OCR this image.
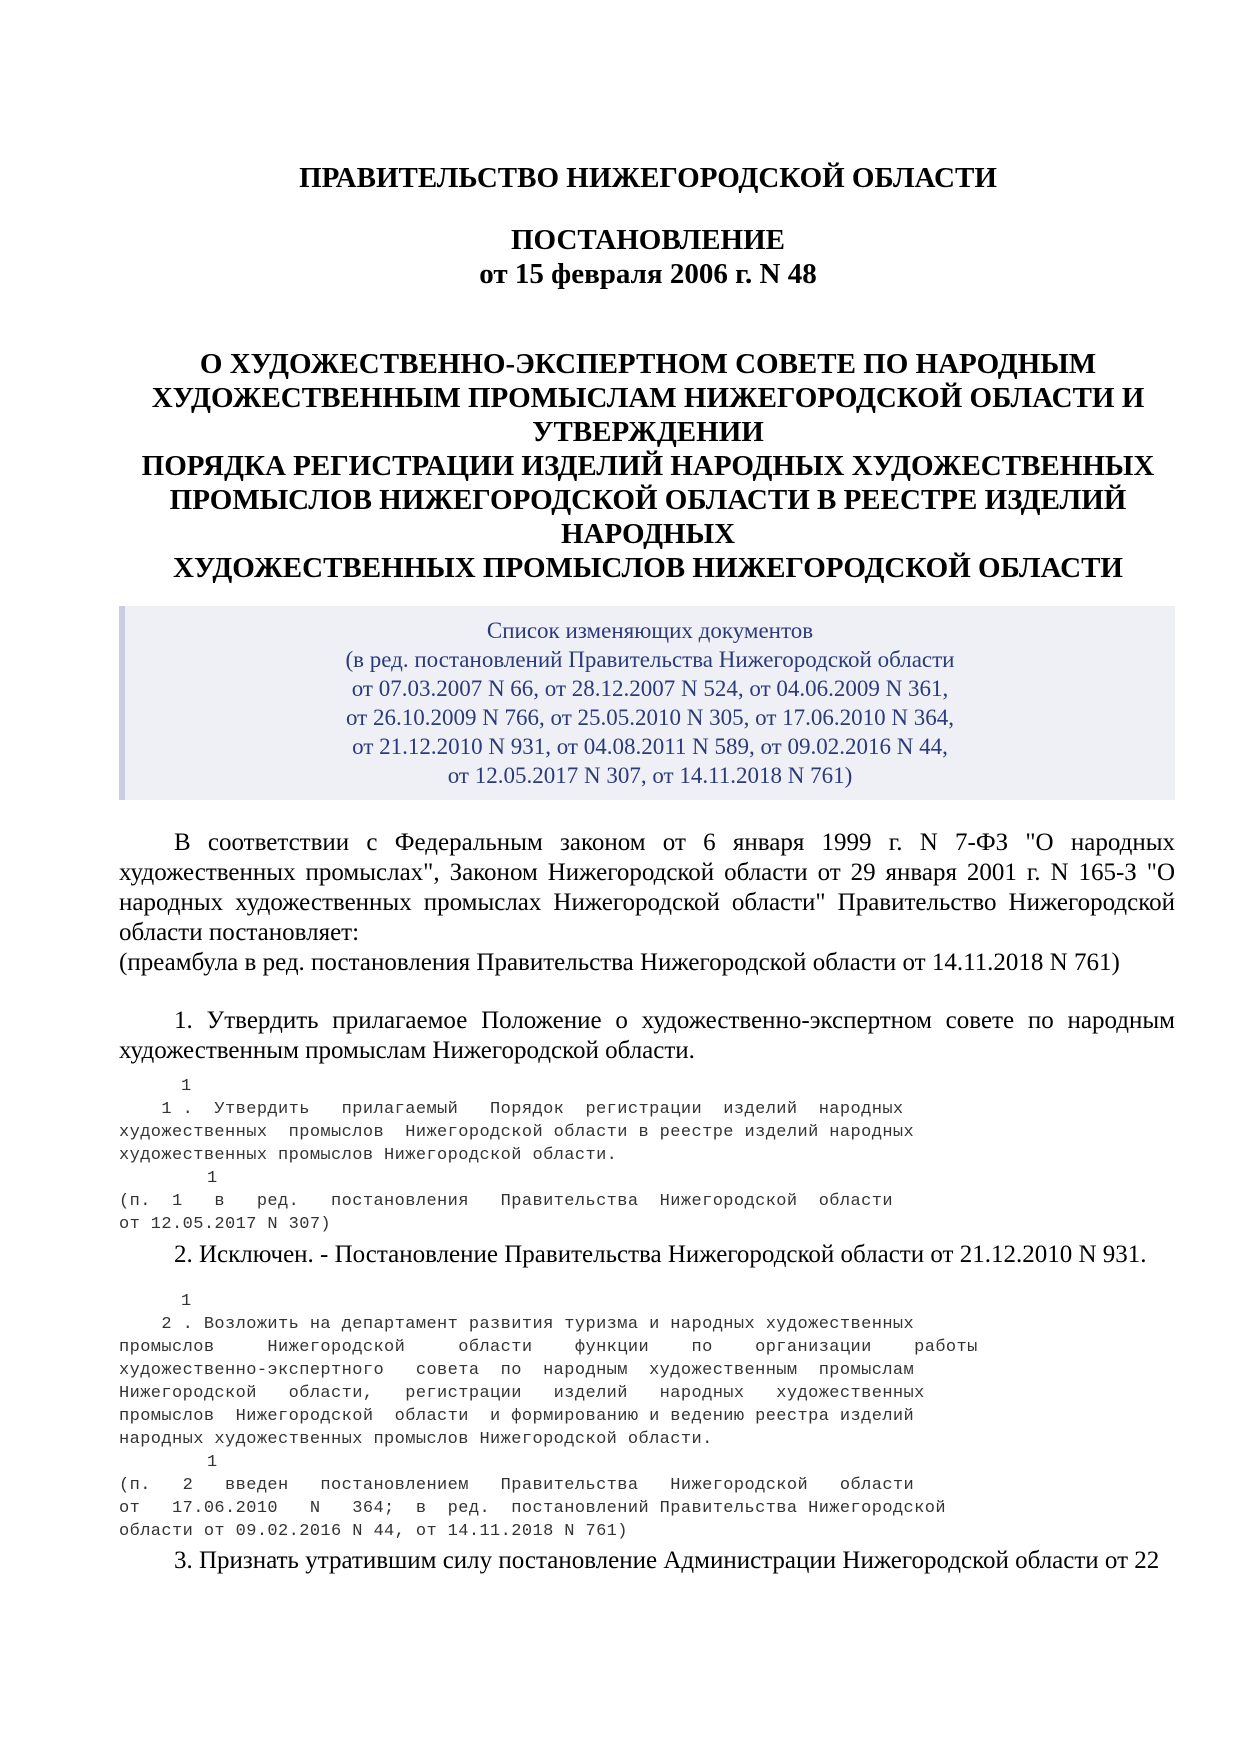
ПРАВИТЕЛЬСТВО НИЖЕГОРОДСКОЙ ОБЛАСТИ
ПОСТАНОВЛЕНИЕ
от 15 февраля 2006 г. N 48
О ХУДОЖЕСТВЕННО-ЭКСПЕРТНОМ СОВЕТЕ ПО НАРОДНЫМ
ХУДОЖЕСТВЕННЫМ ПРОМЫСЛАМ НИЖЕГОРОДСКОЙ ОБЛАСТИ И
УТВЕРЖДЕНИИ
ПОРЯДКА РЕГИСТРАЦИИ ИЗДЕЛИЙ НАРОДНЫХ ХУДОЖЕСТВЕННЫХ
ПРОМЫСЛОВ НИЖЕГОРОДСКОЙ ОБЛАСТИ В РЕЕСТРЕ ИЗДЕЛИЙ
НАРОДНЫХ
ХУДОЖЕСТВЕННЫХ ПРОМЫСЛОВ НИЖЕГОРОДСКОЙ ОБЛАСТИ
Список изменяющих документов
(в ред. постановлений Правительства Нижегородской области
от 07.03.2007 N 66, от 28.12.2007 N 524, от 04.06.2009 N 361,
от 26.10.2009 N 766, от 25.05.2010 N 305, от 17.06.2010 N 364,
от 21.12.2010 N 931, от 04.08.2011 N 589, от 09.02.2016 N 44,
от 12.05.2017 N 307, от 14.11.2018 N 761)
В соответствии с Федеральным законом от 6 января 1999 г. N 7-ФЗ "О народных художественных промыслах", Законом Нижегородской области от 29 января 2001 г. N 165-З "О народных художественных промыслах Нижегородской области" Правительство Нижегородской области постановляет:
(преамбула в ред. постановления Правительства Нижегородской области от 14.11.2018 N 761)
1. Утвердить прилагаемое Положение о художественно-экспертном совете по народным художественным промыслам Нижегородской области.
1
1 .  Утвердить   прилагаемый   Порядок  регистрации  изделий  народных
художественных  промыслов  Нижегородской области в реестре изделий народных
художественных промыслов Нижегородской области.
1
(п.  1   в   ред.   постановления   Правительства  Нижегородской  области
от 12.05.2017 N 307)
2. Исключен. - Постановление Правительства Нижегородской области от 21.12.2010 N 931.
1
2 . Возложить на департамент развития туризма и народных художественных
промыслов     Нижегородской     области    функции    по    организации    работы
художественно-экспертного   совета  по  народным  художественным  промыслам
Нижегородской   области,   регистрации   изделий   народных   художественных
промыслов  Нижегородской  области  и формированию и ведению реестра изделий
народных художественных промыслов Нижегородской области.
1
(п.   2   введен   постановлением   Правительства   Нижегородской   области
от   17.06.2010   N   364;  в  ред.  постановлений Правительства Нижегородской
области от 09.02.2016 N 44, от 14.11.2018 N 761)
3. Признать утратившим силу постановление Администрации Нижегородской области от 22
